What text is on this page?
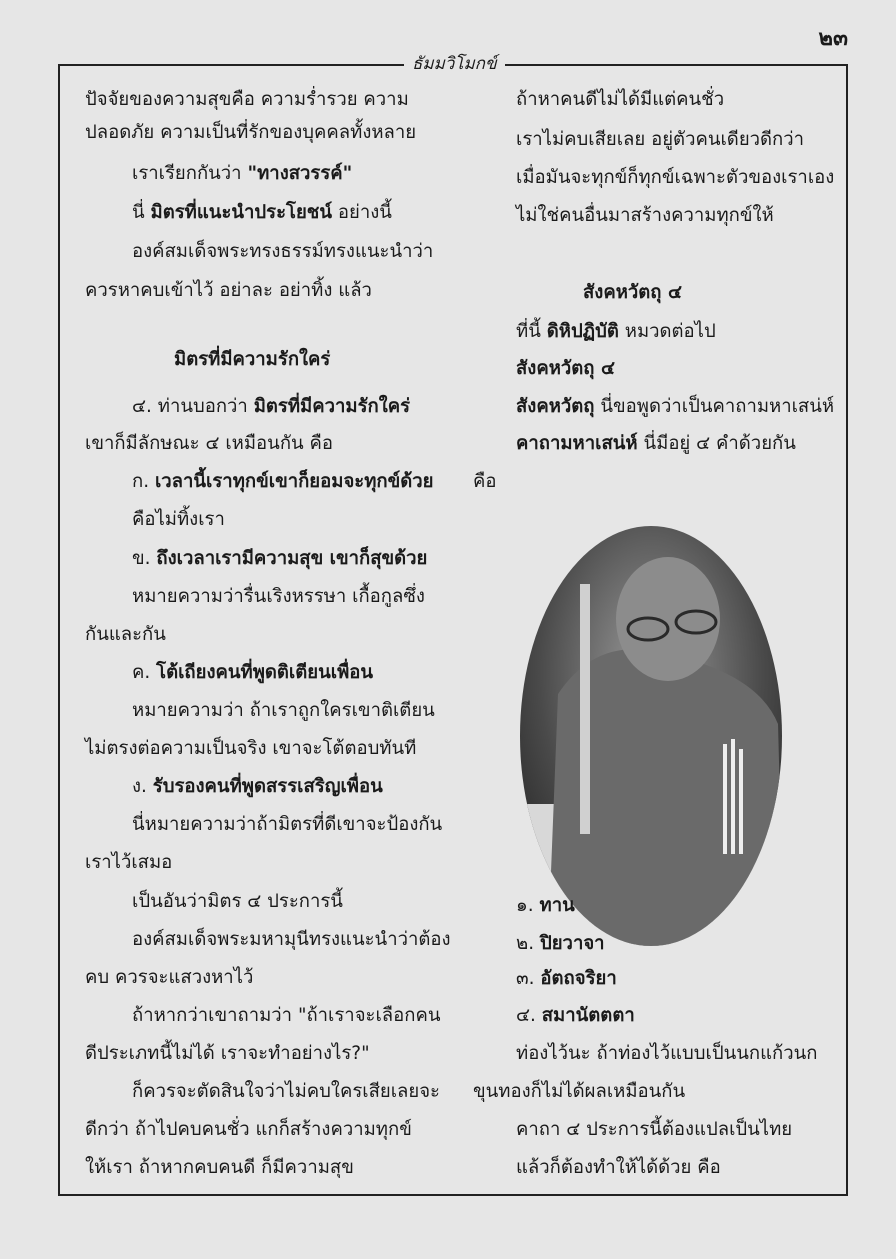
๒๓
ธัมมวิโมกข์
ปัจจัยของความสุขคือ ความร่ำรวย ความ
ปลอดภัย ความเป็นที่รักของบุคคลทั้งหลาย
เราเรียกกันว่า "ทางสวรรค์"
นี่ มิตรที่แนะนำประโยชน์ อย่างนี้
องค์สมเด็จพระทรงธรรม์ทรงแนะนำว่า
ควรหาคบเข้าไว้ อย่าละ อย่าทิ้ง แล้ว
มิตรที่มีความรักใคร่
๔. ท่านบอกว่า มิตรที่มีความรักใคร่
เขาก็มีลักษณะ ๔ เหมือนกัน คือ
ก. เวลานี้เราทุกข์เขาก็ยอมจะทุกข์ด้วย
คือไม่ทิ้งเรา
ข. ถึงเวลาเรามีความสุข เขาก็สุขด้วย
หมายความว่ารื่นเริงหรรษา เกื้อกูลซึ่ง
กันและกัน
ค. โต้เถียงคนที่พูดติเตียนเพื่อน
หมายความว่า ถ้าเราถูกใครเขาติเตียน
ไม่ตรงต่อความเป็นจริง เขาจะโต้ตอบทันที
ง. รับรองคนที่พูดสรรเสริญเพื่อน
นี่หมายความว่าถ้ามิตรที่ดีเขาจะป้องกัน
เราไว้เสมอ
เป็นอันว่ามิตร ๔ ประการนี้
องค์สมเด็จพระมหามุนีทรงแนะนำว่าต้อง
คบ ควรจะแสวงหาไว้
ถ้าหากว่าเขาถามว่า "ถ้าเราจะเลือกคน
ดีประเภทนี้ไม่ได้ เราจะทำอย่างไร?"
ก็ควรจะตัดสินใจว่าไม่คบใครเสียเลยจะ
ดีกว่า ถ้าไปคบคนชั่ว แกก็สร้างความทุกข์
ให้เรา ถ้าหากคบคนดี ก็มีความสุข
ถ้าหาคนดีไม่ได้มีแต่คนชั่ว
เราไม่คบเสียเลย อยู่ตัวคนเดียวดีกว่า
เมื่อมันจะทุกข์ก็ทุกข์เฉพาะตัวของเราเอง
ไม่ใช่คนอื่นมาสร้างความทุกข์ให้
สังคหวัตถุ ๔
ที่นี้ ดิหิปฏิบัติ หมวดต่อไป
สังคหวัตถุ ๔
สังคหวัตถุ นี่ขอพูดว่าเป็นคาถามหาเสน่ห์
คาถามหาเสน่ห์ นี่มีอยู่ ๔ คำด้วยกัน
คือ
๑. ทาน
๒. ปิยวาจา
๓. อัตถจริยา
๔. สมานัตตตา
ท่องไว้นะ ถ้าท่องไว้แบบเป็นนกแก้วนก
ขุนทองก็ไม่ได้ผลเหมือนกัน
คาถา ๔ ประการนี้ต้องแปลเป็นไทย
แล้วก็ต้องทำให้ได้ด้วย คือ
